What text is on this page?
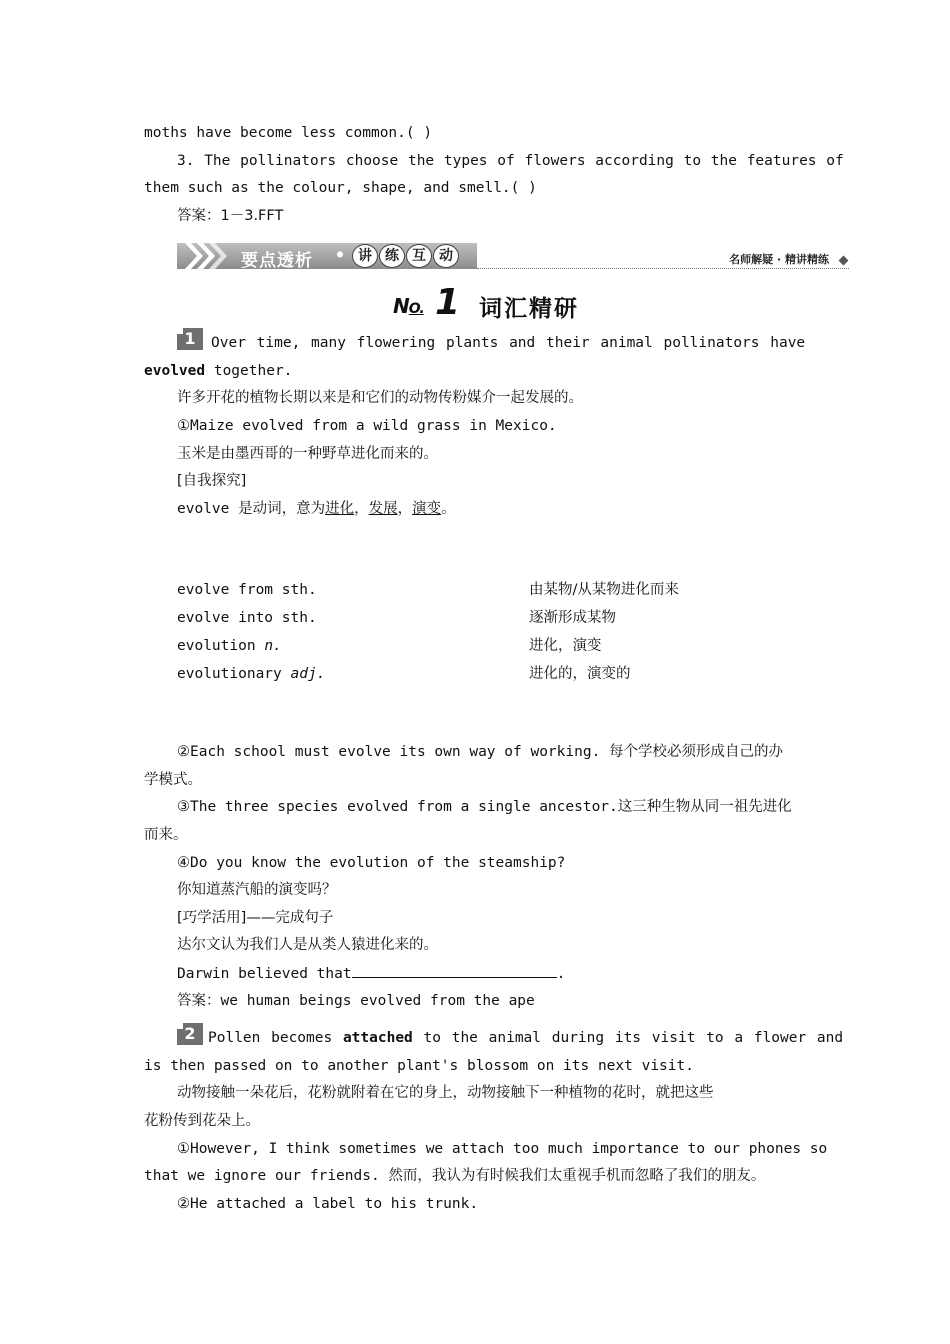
moths have become less common.( )
3. The pollinators choose the types of flowers according to the features of
them such as the colour, shape, and smell.( )
答案：1－3.FFT
要点透析 ●	讲 练 互 动	名师解疑 · 精讲精练
NO. 1 词汇精研
1	Over time, many flowering plants and their animal pollinators have
evolved together.
许多开花的植物长期以来是和它们的动物传粉媒介一起发展的。
①Maize evolved from a wild grass in Mexico.
玉米是由墨西哥的一种野草进化而来的。
[自我探究]
evolve 是动词，意为进化，发展，演变。
evolve from sth.	由某物/从某物进化而来
evolve into sth.	逐渐形成某物
evolution n.	进化，演变
evolutionary adj.	进化的，演变的
②Each school must evolve its own way of working. 每个学校必须形成自己的办
学模式。
③The three species evolved from a single ancestor.这三种生物从同一祖先进化
而来。
④Do you know the evolution of the steamship?
你知道蒸汽船的演变吗？
[巧学活用]——完成句子
达尔文认为我们人是从类人猿进化来的。
Darwin believed that	.
答案：we human beings evolved from the ape
2 Pollen becomes attached to the animal during its visit to a flower and
is then passed on to another plant's blossom on its next visit.
动物接触一朵花后，花粉就附着在它的身上，动物接触下一种植物的花时，就把这些
花粉传到花朵上。
①However, I think sometimes we attach too much importance to our phones so
that we ignore our friends. 然而，我认为有时候我们太重视手机而忽略了我们的朋友。
②He attached a label to his trunk.
